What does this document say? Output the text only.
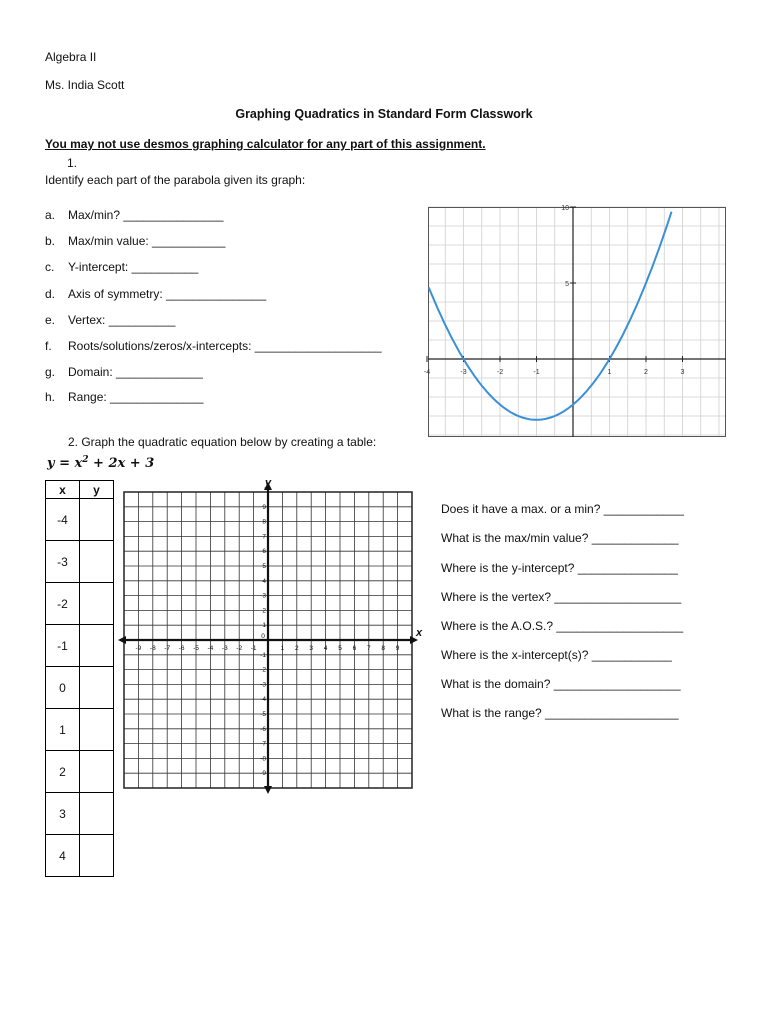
Algebra II
Ms. India Scott
Graphing Quadratics in Standard Form Classwork
You may not use desmos graphing calculator for any part of this assignment.
1.
Identify each part of the parabola given its graph:
a. Max/min? _______________
b. Max/min value: ___________
c. Y-intercept: __________
d. Axis of symmetry: _______________
e. Vertex: __________
f. Roots/solutions/zeros/x-intercepts: ___________________
g. Domain: _____________
h. Range: ______________
-4	-3	-2	-1	1	2	3
5
10
2. Graph the quadratic equation below by creating a table:
$y = x^2 + 2x + 3$
x	y
-4	
-3	
-2	
-1	
0	
1	
2	
3	
4	
x
y
-9 -8 -7 -6 -5 -4 -3 -2 -1	1 2 3 4 5 6 7 8 9
0
9
8
7
6
5
4
3
2
1
-1
-2
-3
-4
-5
-6
-7
-8
-9
Does it have a max. or a min? ____________
What is the max/min value? _____________
Where is the y-intercept? _______________
Where is the vertex? ___________________
Where is the A.O.S.? ___________________
Where is the x-intercept(s)? ____________
What is the domain? ___________________
What is the range? ____________________
